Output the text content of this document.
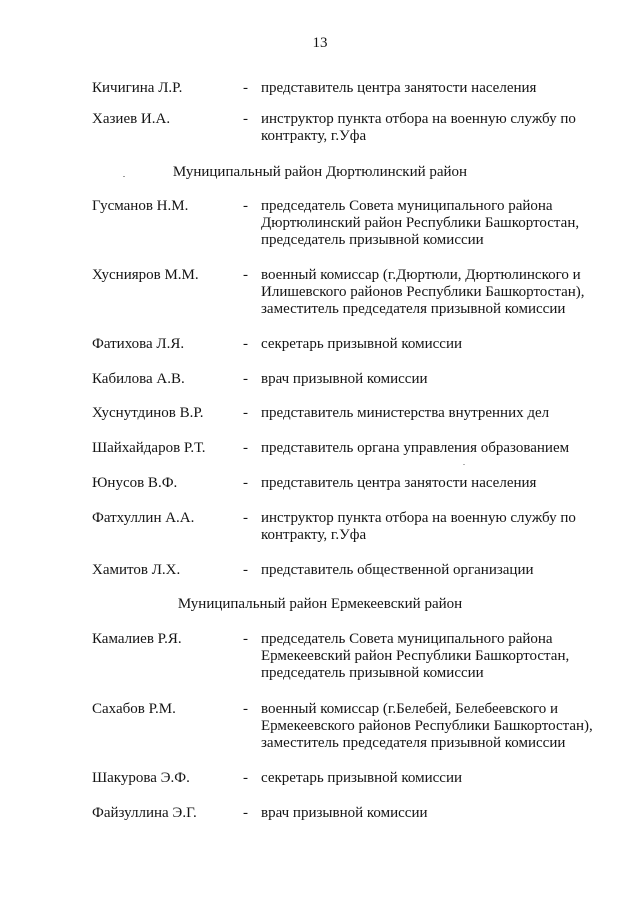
13
Кичигина Л.Р.	- представитель центра занятости населения
Хазиев И.А.	- инструктор пункта отбора на военную службу по
контракту, г.Уфа
Муниципальный район Дюртюлинский район
Гусманов Н.М.	- председатель Совета муниципального района
Дюртюлинский район Республики Башкортостан,
председатель призывной комиссии
Хуснияров М.М.	- военный комиссар (г.Дюртюли, Дюртюлинского и
Илишевского районов Республики Башкортостан),
заместитель председателя призывной комиссии
Фатихова Л.Я.	- секретарь призывной комиссии
Кабилова А.В.	- врач призывной комиссии
Хуснутдинов В.Р.	- представитель министерства внутренних дел
Шайхайдаров Р.Т. - представитель органа управления образованием
Юнусов В.Ф.	- представитель центра занятости населения
Фатхуллин А.А.	- инструктор пункта отбора на военную службу по
контракту, г.Уфа
Хамитов Л.Х.	- представитель общественной организации
Муниципальный район Ермекеевский район
Камалиев Р.Я.	- председатель Совета муниципального района
Ермекеевский район Республики Башкортостан,
председатель призывной комиссии
Сахабов Р.М.	- военный комиссар (г.Белебей, Белебеевского и
Ермекеевского районов Республики Башкортостан),
заместитель председателя призывной комиссии
Шакурова Э.Ф.	- секретарь призывной комиссии
Файзуллина Э.Г.	- врач призывной комиссии
